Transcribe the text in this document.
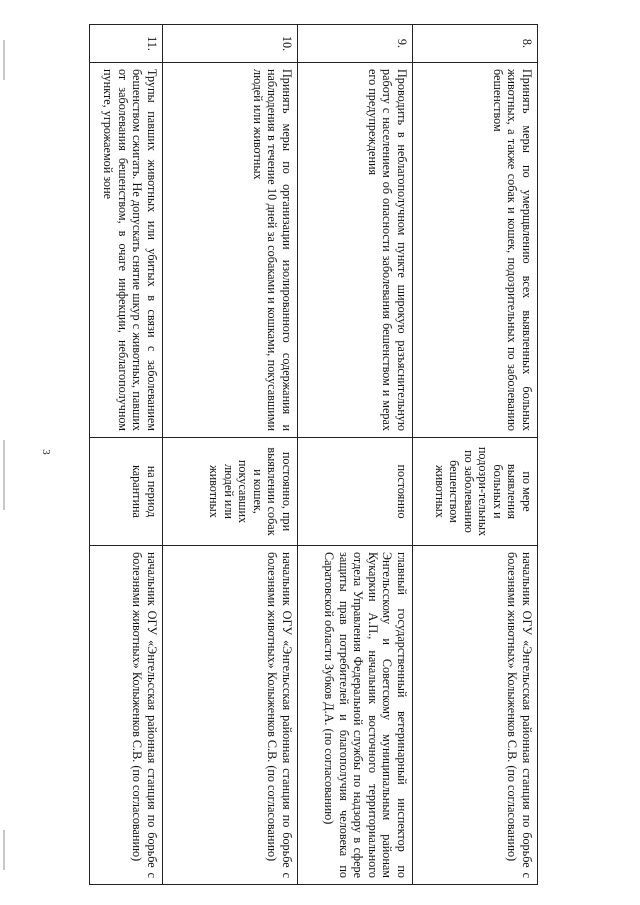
3
8.	Принять меры по умерщвлению всех выявленных больных животных, а также собак и кошек, подозрительных по заболеванию бешенством	по мере выявления больных и подозри-тельных по заболеванию бешенством животных	начальник ОГУ «Энгельсская районная станция по борьбе с болезнями животных» Колыженков С.В. (по согласованию)
9.	Проводить в неблагополучном пункте широкую разъяснительную работу с населением об опасности заболевания бешенством и мерах его предупреждения	постоянно	главный государственный ветеринарный инспектор по Энгельсскому и Советскому муниципальным районам Кукаркин А.П., начальник восточного территориального отдела Управления Федеральной службы по надзору в сфере защиты прав потребителей и благополучия человека по Саратовской области Зубков Д.А. (по согласованию)
10.	Принять меры по организации изолированного содержания и наблюдения в течение 10 дней за собаками и кошками, покусавшими людей или животных	постоянно, при выявлении собак и кошек, покусавших людей или животных	начальник ОГУ «Энгельсская районная станция по борьбе с болезнями животных» Колыженков С.В. (по согласованию)
11.	Трупы павших животных или убитых в связи с заболеванием бешенством сжигать. Не допускать снятие шкур с животных, павших от заболевания бешенством, в очаге инфекции, неблагополучном пункте, угрожаемой зоне	на период карантина	начальник ОГУ «Энгельсская районная станция по борьбе с болезнями животных» Колыженков С.В. (по согласованию)
